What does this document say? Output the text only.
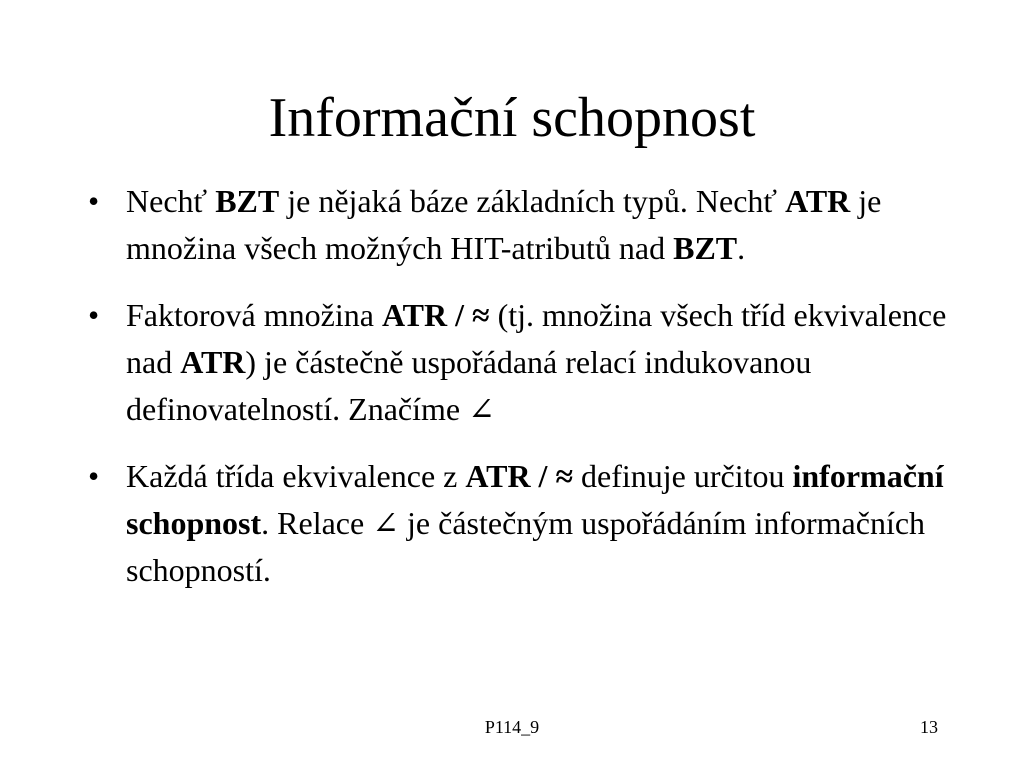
Informační schopnost
• Nechť BZT je nějaká báze základních typů. Nechť ATR je množina všech možných HIT-atributů nad BZT.
• Faktorová množina ATR / ≈ (tj. množina všech tříd ekvivalence nad ATR) je částečně uspořádaná relací indukovanou definovatelností. Značíme ∠
• Každá třída ekvivalence z ATR / ≈ definuje určitou informační schopnost. Relace ∠ je částečným uspořádáním informačních schopností.
P114_9	13
